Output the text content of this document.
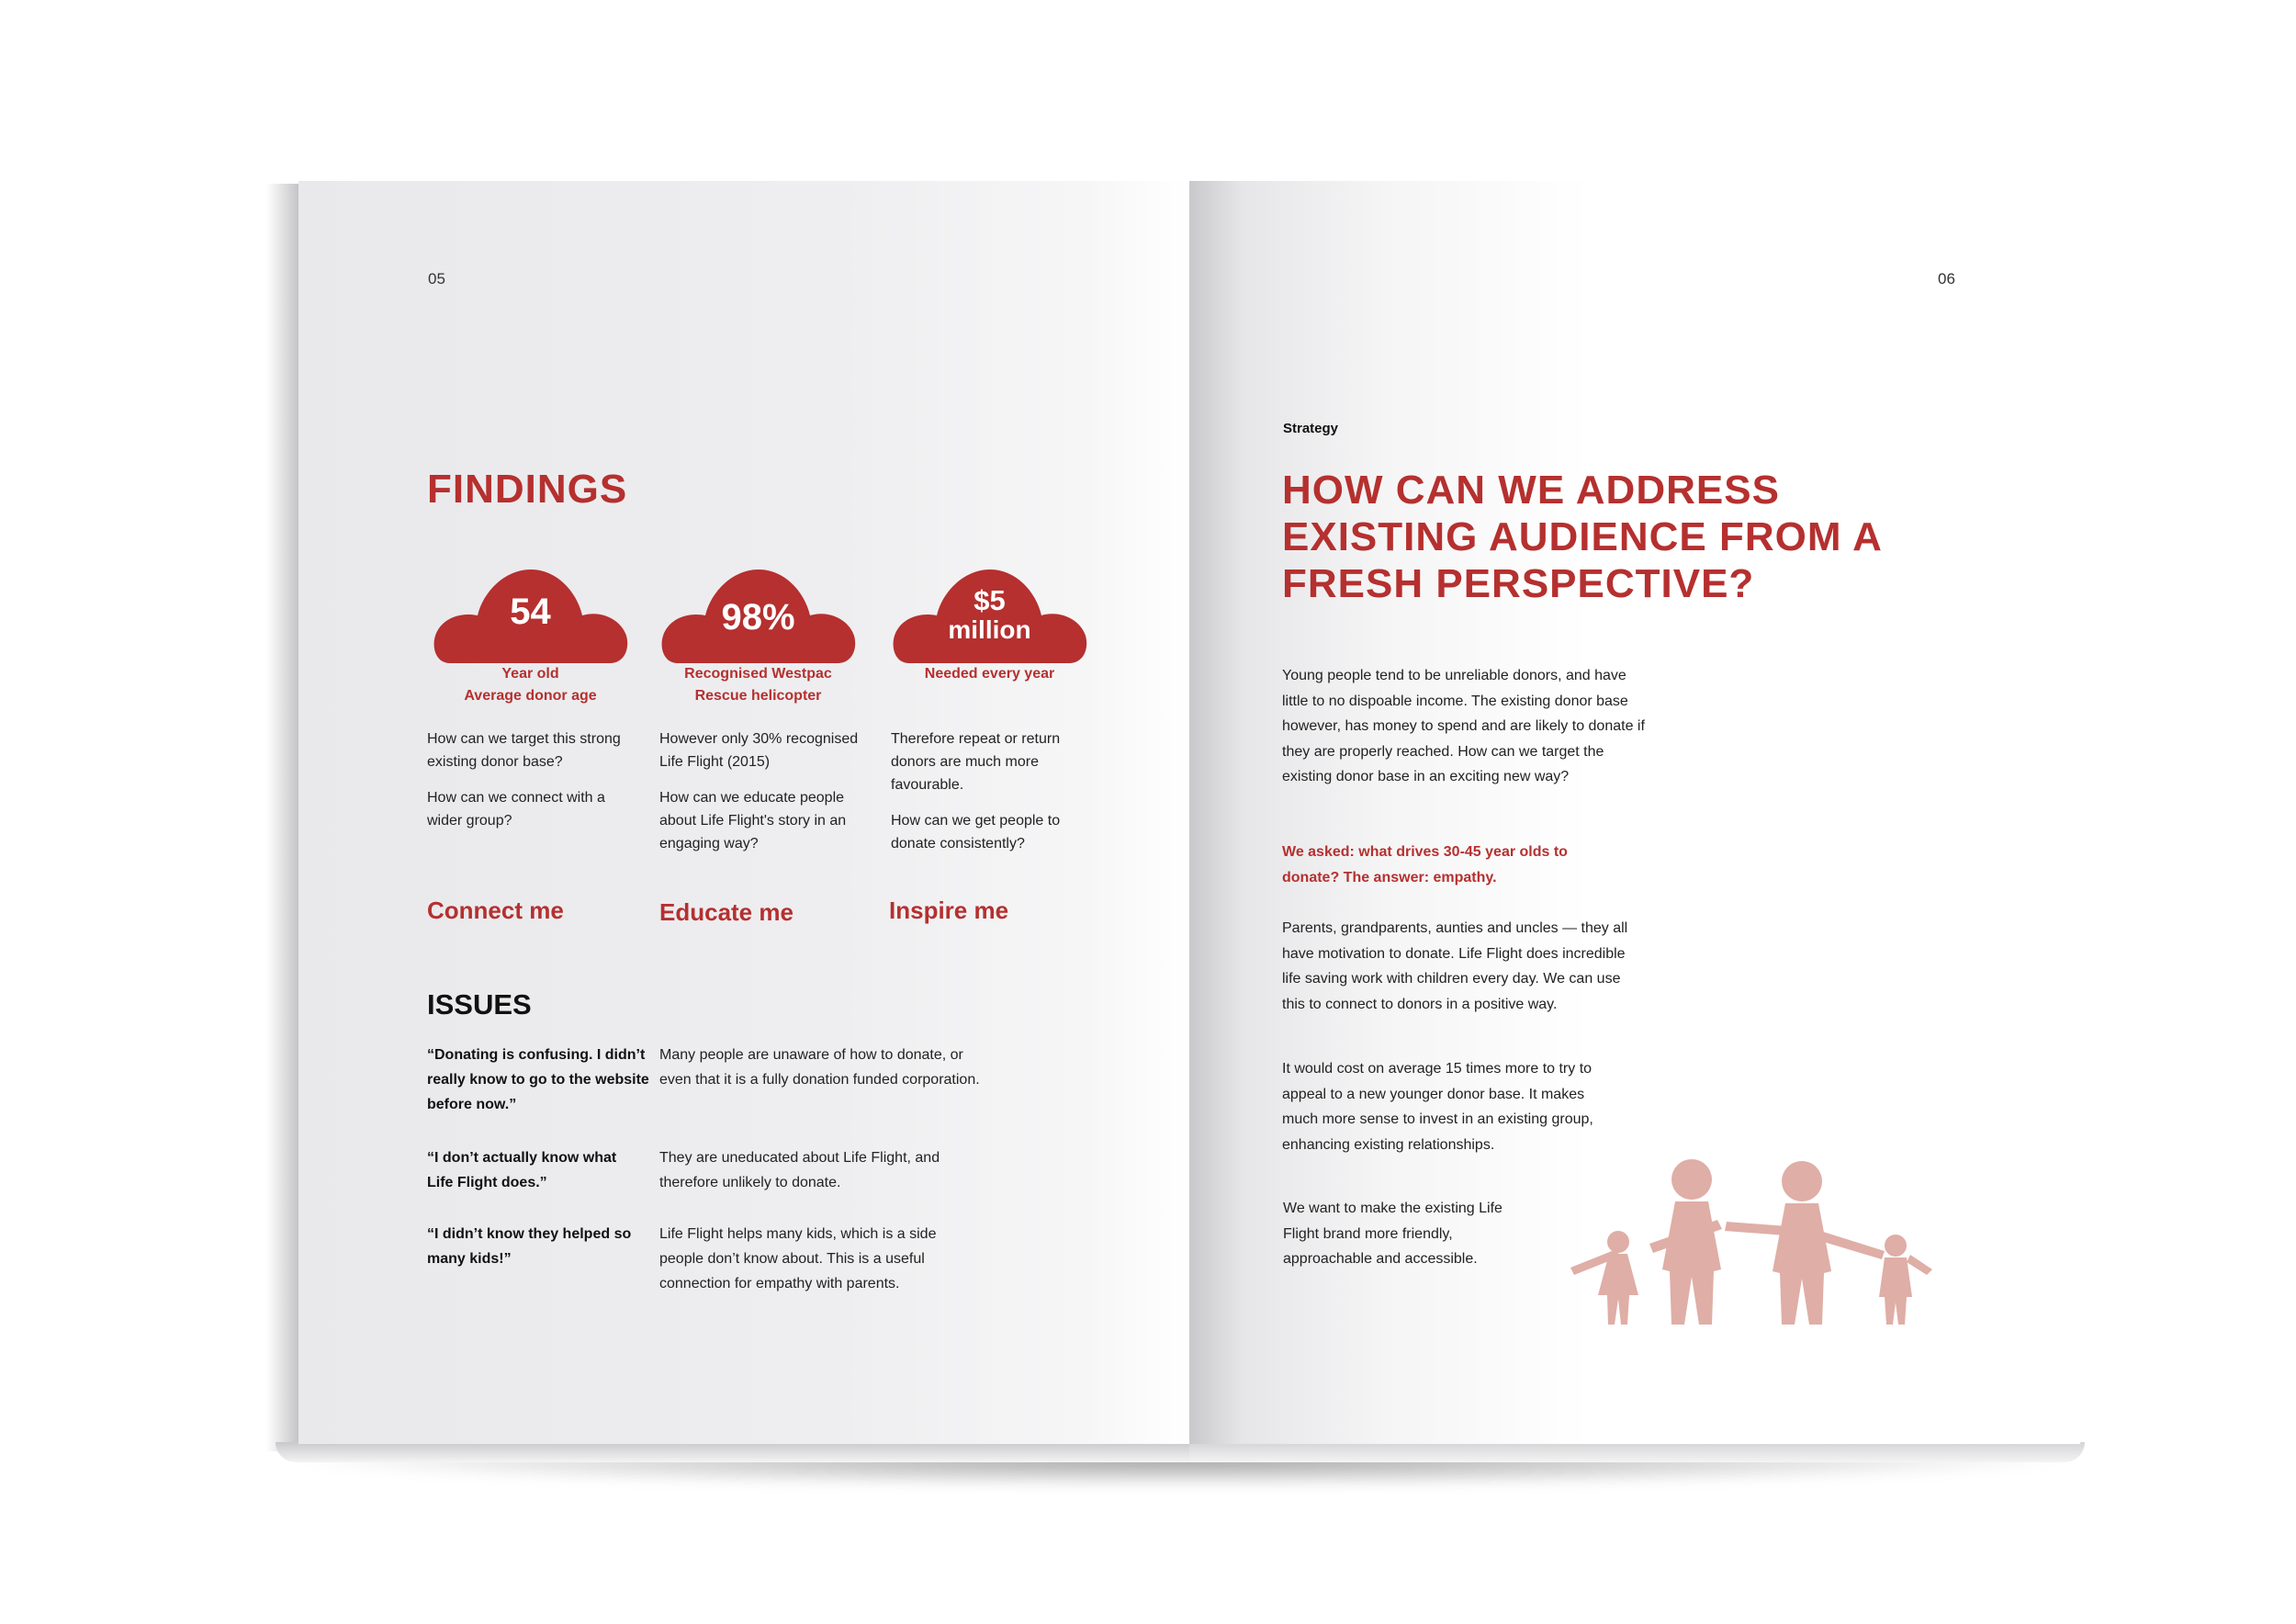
05
FINDINGS
54
Year old
Average donor age

How can we target this strong existing donor base?

How can we connect with a wider group?

Connect me
98%
Recognised Westpac
Rescue helicopter

However only 30% recognised Life Flight (2015)

How can we educate people about Life Flight's story in an engaging way?

Educate me
$5
million
Needed every year

Therefore repeat or return donors are much more favourable.

How can we get people to donate consistently?

Inspire me
ISSUES
“Donating is confusing. I didn’t really know to go to the website before now.”
Many people are unaware of how to donate, or even that it is a fully donation funded corporation.
“I don’t actually know what Life Flight does.”
They are uneducated about Life Flight, and therefore unlikely to donate.
“I didn’t know they helped so many kids!”
Life Flight helps many kids, which is a side people don’t know about. This is a useful connection for empathy with parents.
06
Strategy
HOW CAN WE ADDRESS EXISTING AUDIENCE FROM A FRESH PERSPECTIVE?
Young people tend to be unreliable donors, and have little to no dispoable income. The existing donor base however, has money to spend and are likely to donate if they are properly reached. How can we target the existing donor base in an exciting new way?
We asked: what drives 30-45 year olds to donate? The answer: empathy.
Parents, grandparents, aunties and uncles — they all have motivation to donate. Life Flight does incredible life saving work with children every day. We can use this to connect to donors in a positive way.
It would cost on average 15 times more to try to appeal to a new younger donor base. It makes much more sense to invest in an existing group, enhancing existing relationships.
We want to make the existing Life Flight brand more friendly, approachable and accessible.
